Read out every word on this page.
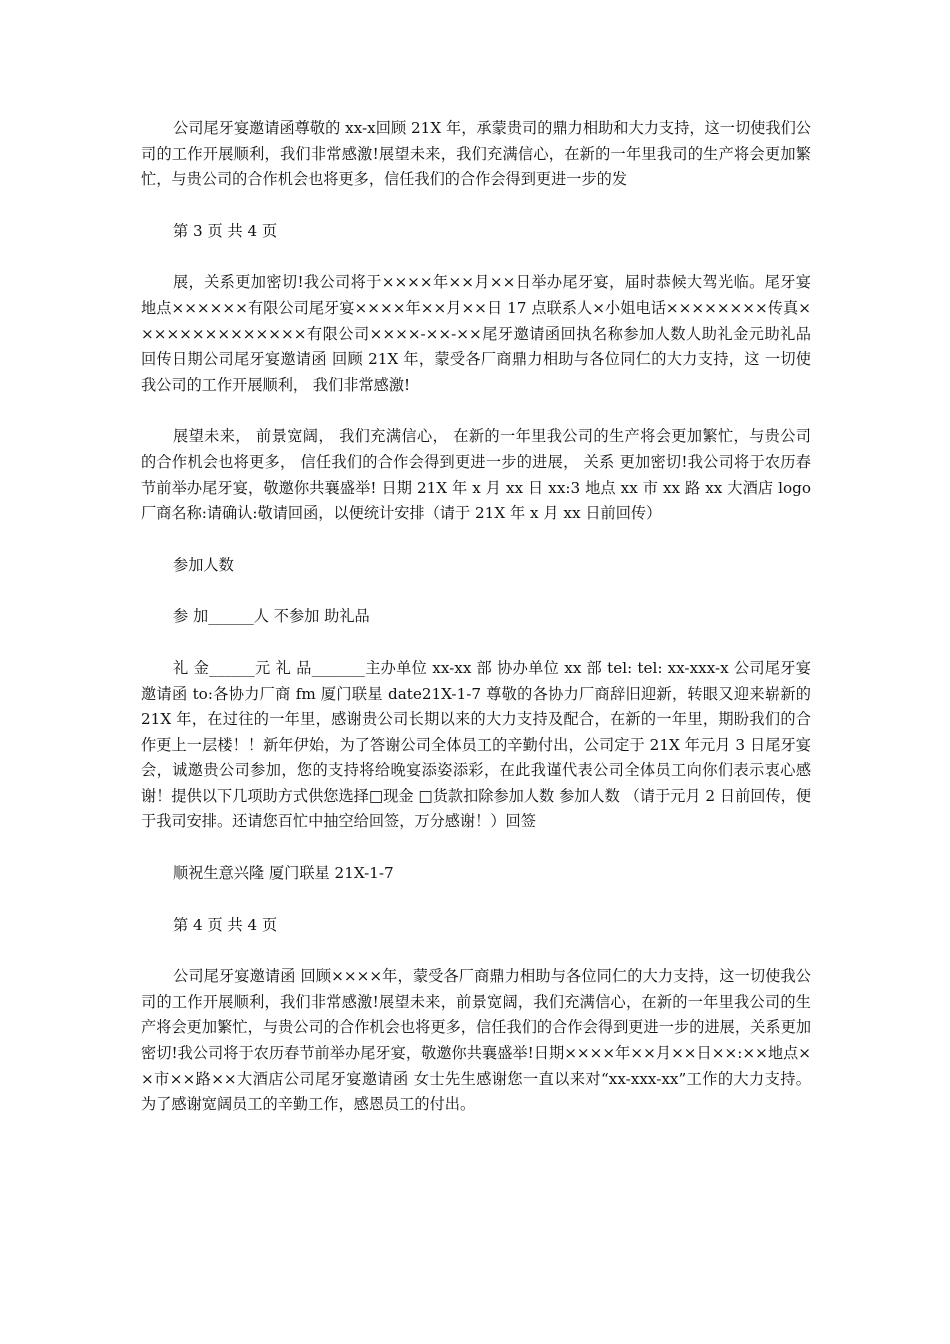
公司尾牙宴邀请函尊敬的 xx-x回顾 21X 年，承蒙贵司的鼎力相助和大力支持，这一切使我们公司的工作开展顺利，我们非常感激!展望未来，我们充满信心，在新的一年里我司的生产将会更加繁忙，与贵公司的合作机会也将更多，信任我们的合作会得到更进一步的发

第 3 页 共 4 页

展，关系更加密切!我公司将于××××年××月××日举办尾牙宴，届时恭候大驾光临。尾牙宴地点××××××有限公司尾牙宴××××年××月××日 17 点联系人×小姐电话××××××××传真××××××××××××××有限公司××××-××-××尾牙邀请函回执名称参加人数人助礼金元助礼品回传日期公司尾牙宴邀请函 回顾 21X 年，蒙受各厂商鼎力相助与各位同仁的大力支持，这 一切使我公司的工作开展顺利， 我们非常感激!

展望未来， 前景宽阔， 我们充满信心， 在新的一年里我公司的生产将会更加繁忙，与贵公司 的合作机会也将更多， 信任我们的合作会得到更进一步的进展， 关系 更加密切!我公司将于农历春节前举办尾牙宴，敬邀你共襄盛举! 日期 21X 年 x 月 xx 日 xx:3 地点 xx 市 xx 路 xx 大酒店 logo 厂商名称:请确认:敬请回函，以便统计安排（请于 21X 年 x 月 xx 日前回传）

参加人数

参 加______人 不参加 助礼品

礼 金______元 礼 品_______主办单位 xx-xx 部 协办单位 xx 部 tel: tel: xx-xxx-x 公司尾牙宴邀请函 to:各协力厂商 fm 厦门联星 date21X-1-7 尊敬的各协力厂商辞旧迎新，转眼又迎来崭新的 21X 年，在过往的一年里，感谢贵公司长期以来的大力支持及配合，在新的一年里，期盼我们的合作更上一层楼！！新年伊始，为了答谢公司全体员工的辛勤付出，公司定于 21X 年元月 3 日尾牙宴会，诚邀贵公司参加，您的支持将给晚宴添姿添彩，在此我谨代表公司全体员工向你们表示衷心感谢！提供以下几项助方式供您选择□现金 □货款扣除参加人数 参加人数 （请于元月 2 日前回传，便于我司安排。还请您百忙中抽空给回签，万分感谢！）回签

顺祝生意兴隆 厦门联星 21X-1-7

第 4 页 共 4 页

公司尾牙宴邀请函 回顾××××年，蒙受各厂商鼎力相助与各位同仁的大力支持，这一切使我公司的工作开展顺利，我们非常感激!展望未来，前景宽阔，我们充满信心，在新的一年里我公司的生产将会更加繁忙，与贵公司的合作机会也将更多，信任我们的合作会得到更进一步的进展，关系更加密切!我公司将于农历春节前举办尾牙宴，敬邀你共襄盛举!日期××××年××月××日××:××地点××市××路××大酒店公司尾牙宴邀请函 女士先生感谢您一直以来对“xx-xxx-xx”工作的大力支持。为了感谢宽阔员工的辛勤工作，感恩员工的付出。
